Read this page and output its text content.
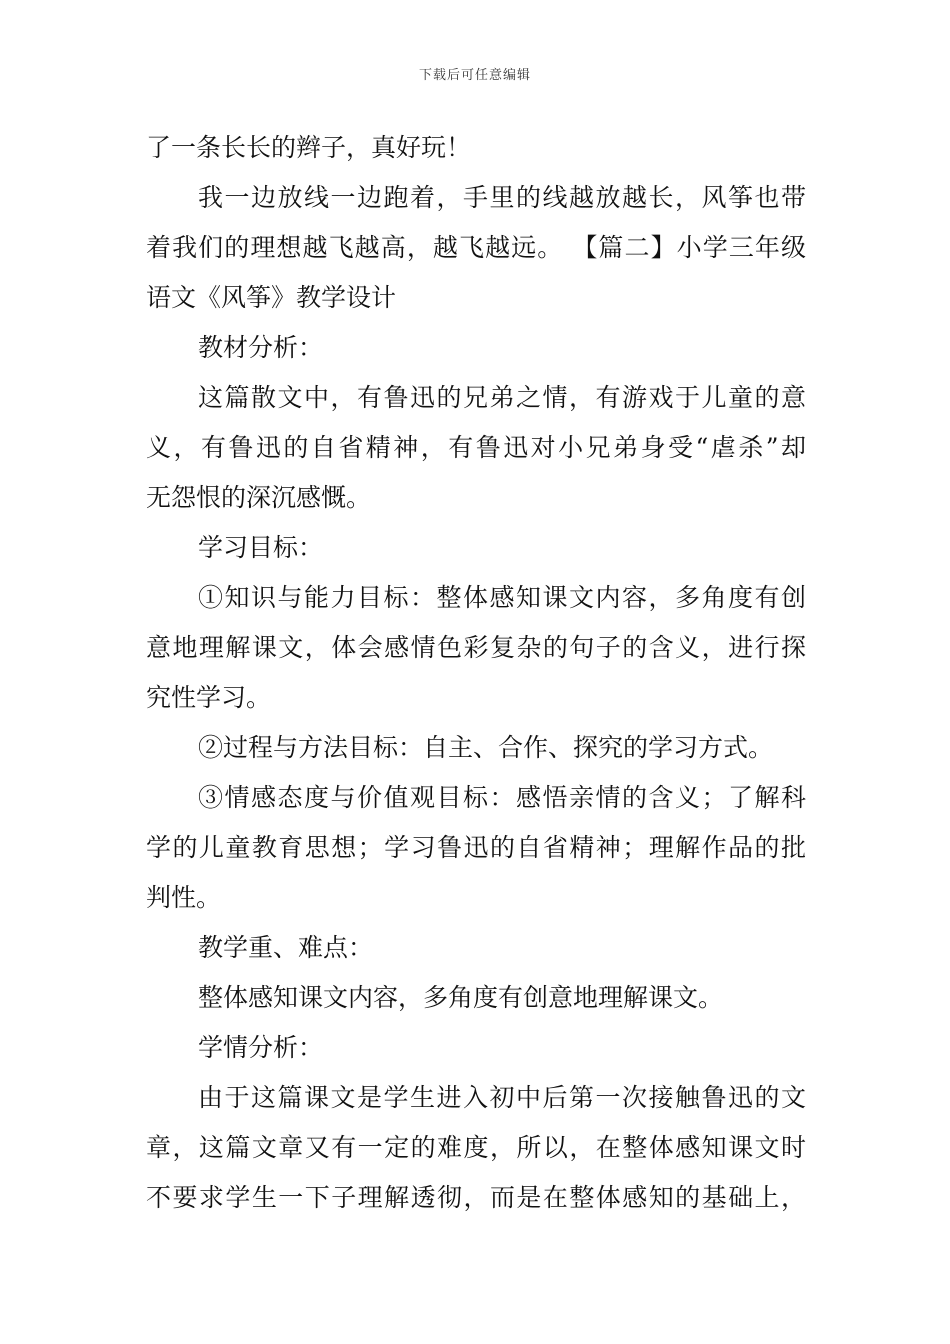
下载后可任意编辑
了一条长长的辫子，真好玩！
我一边放线一边跑着，手里的线越放越长，风筝也带
着我们的理想越飞越高，越飞越远。 【篇二】小学三年级
语文《风筝》教学设计
教材分析：
这篇散文中，有鲁迅的兄弟之情，有游戏于儿童的意
义，有鲁迅的自省精神，有鲁迅对小兄弟身受“虐杀”却
无怨恨的深沉感慨。
学习目标：
①知识与能力目标：整体感知课文内容，多角度有创
意地理解课文，体会感情色彩复杂的句子的含义，进行探
究性学习。
②过程与方法目标：自主、合作、探究的学习方式。
③情感态度与价值观目标：感悟亲情的含义；了解科
学的儿童教育思想；学习鲁迅的自省精神；理解作品的批
判性。
教学重、难点：
整体感知课文内容，多角度有创意地理解课文。
学情分析：
由于这篇课文是学生进入初中后第一次接触鲁迅的文
章，这篇文章又有一定的难度，所以，在整体感知课文时
不要求学生一下子理解透彻，而是在整体感知的基础上，
